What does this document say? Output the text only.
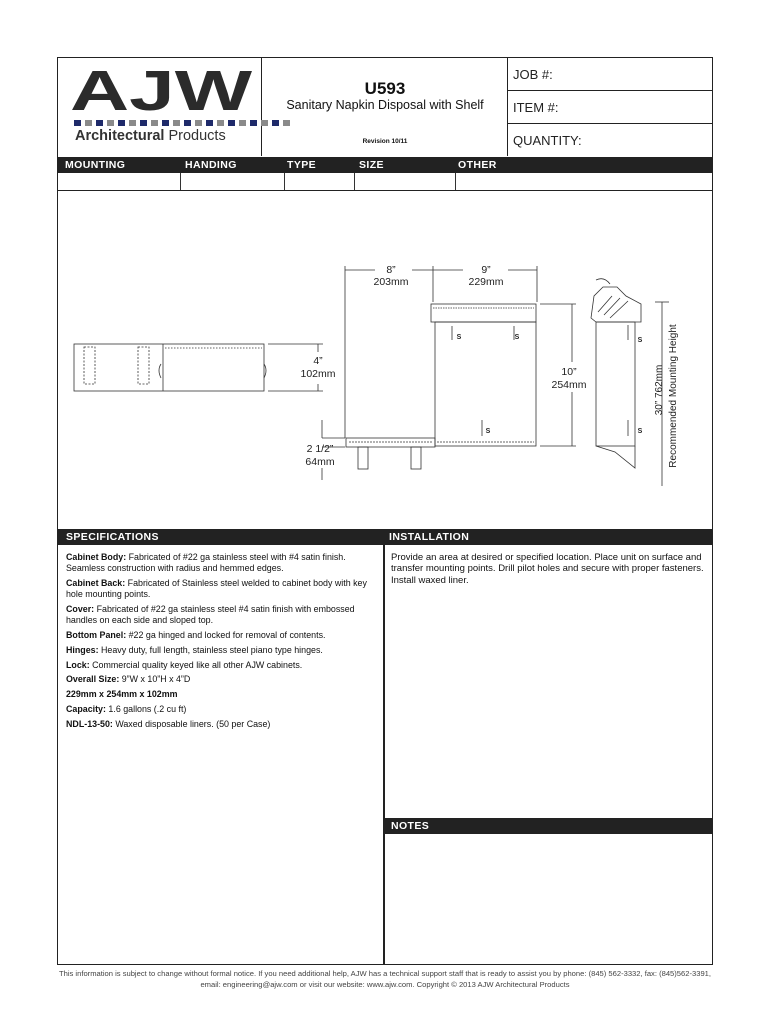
AJW
Architectural Products
U593
Sanitary Napkin Disposal with Shelf
Revision 10/11
JOB #:
ITEM #:
QUANTITY:
MOUNTING	HANDING	TYPE	SIZE	OTHER
8”
203mm
9”
229mm
4”
102mm	10”
254mm
2 1/2”
64mm
S	S
S
S
S
30” 762mm Recommended Mounting Height
SPECIFICATIONS	INSTALLATION

Cabinet Body: Fabricated of #22 ga stainless steel with #4 satin finish. Seamless construction with radius and hemmed edges.

Cabinet Back: Fabricated of Stainless steel welded to cabinet body with key hole mounting points.

Cover: Fabricated of #22 ga stainless steel #4 satin finish with embossed handles on each side and sloped top.

Bottom Panel: #22 ga hinged and locked for removal of contents.

Hinges: Heavy duty, full length, stainless steel piano type hinges.

Lock: Commercial quality keyed like all other AJW cabinets.

Overall Size: 9”W x 10”H x 4”D

229mm x 254mm x 102mm

Capacity: 1.6 gallons (.2 cu ft)

NDL-13-50: Waxed disposable liners. (50 per Case)

Provide an area at desired or specified location. Place unit on surface and transfer mounting points. Drill pilot holes and secure with proper fasteners. Install waxed liner.
NOTES
This information is subject to change without formal notice. If you need additional help, AJW has a technical support staff that is ready to assist you by phone: (845) 562-3332, fax: (845)562-3391,
email: engineering@ajw.com or visit our website: www.ajw.com. Copyright © 2013 AJW Architectural Products
